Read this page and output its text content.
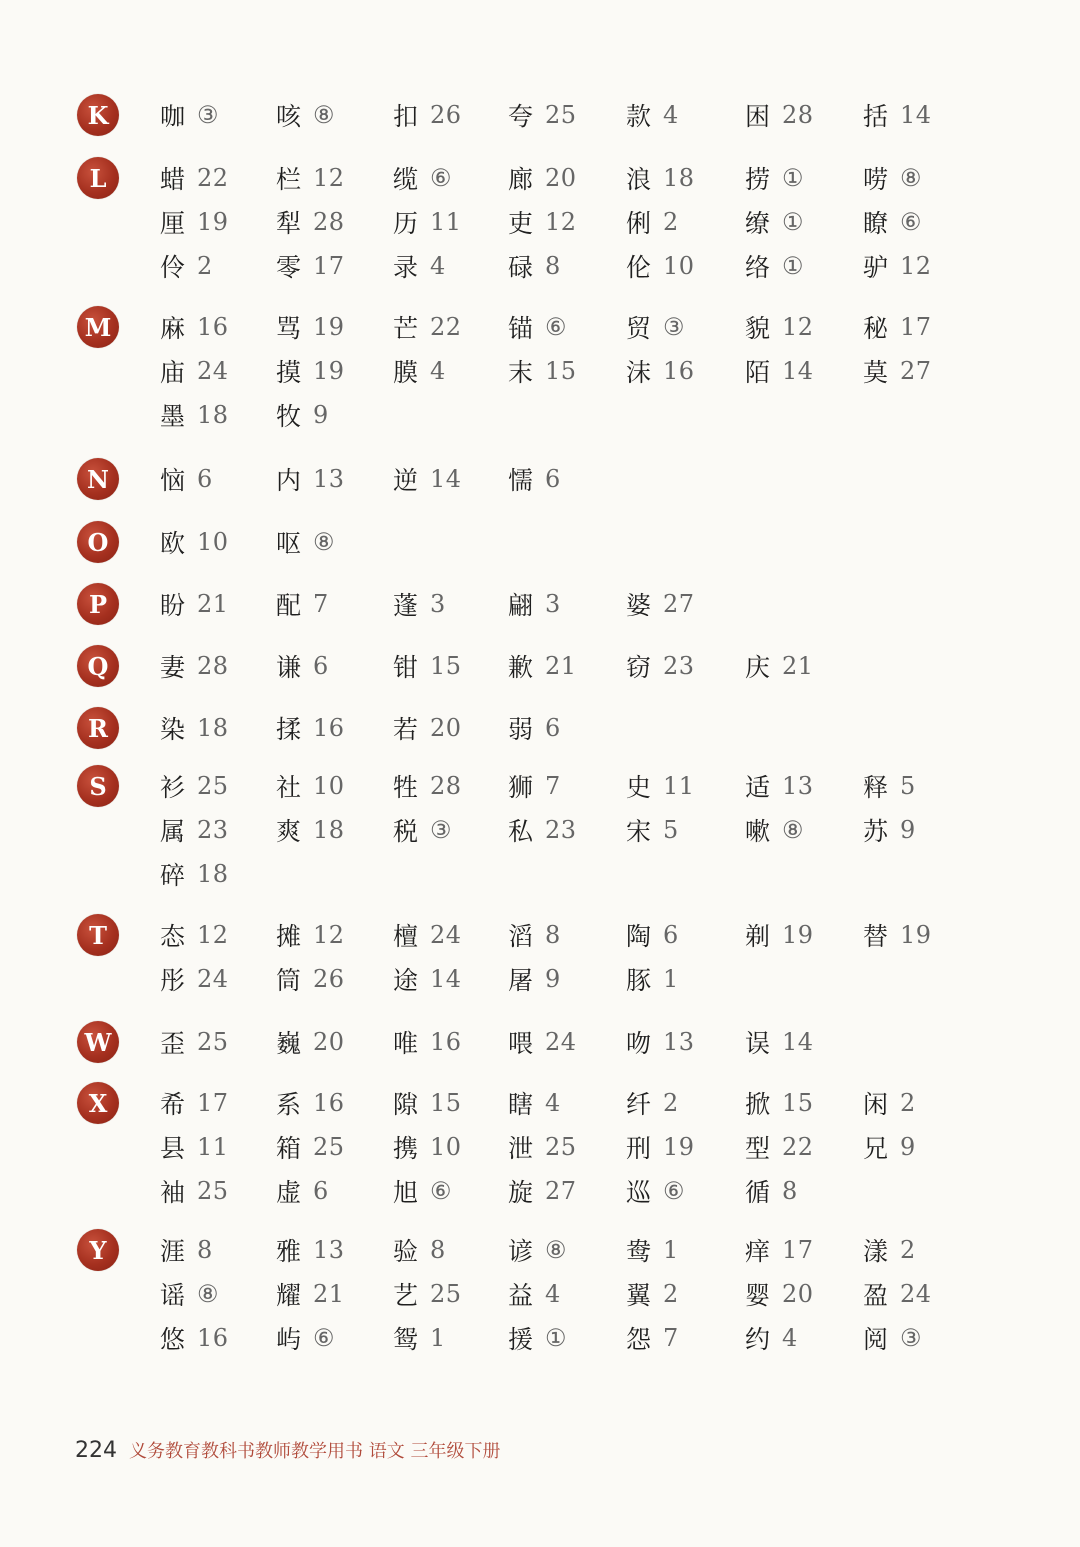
K	咖 ③ 咳 ⑧ 扣 26 夸 25 款 4	困 28 括 14
L	蜡 22 栏 12 缆 ⑥ 廊 20 浪 18 捞 ① 唠 ⑧
厘 19 犁 28 历 11 吏 12 俐 2	缭 ① 瞭 ⑥
伶 2	零 17 录 4 碌 8	伦 10 络 ① 驴 12
M	麻 16 骂 19 芒 22 锚 ⑥ 贸 ③ 貌 12 秘 17
庙 24 摸 19 膜 4 末 15 沫 16 陌 14 莫 27
墨 18 牧 9
N	恼 6	内 13 逆 14 懦 6
O	欧 10 呕 ⑧
P	盼 21 配 7	蓬 3 翩 3	婆 27
Q	妻 28 谦 6	钳 15 歉 21 窃 23 庆 21
R	染 18 揉 16 若 20 弱 6
S	衫 25 社 10 牲 28 狮 7	史 11 适 13 释 5
属 23 爽 18 税 ③ 私 23 宋 5	嗽 ⑧ 苏 9
碎 18
T	态 12 摊 12 檀 24 滔 8	陶 6	剃 19 替 19
彤 24 筒 26 途 14 屠 9	豚 1
W	歪 25 巍 20 唯 16 喂 24 吻 13 误 14
X	希 17 系 16 隙 15 瞎 4	纤 2	掀 15 闲 2
县 11 箱 25 携 10 泄 25 刑 19 型 22 兄 9
袖 25 虚 6	旭 ⑥ 旋 27 巡 ⑥ 循 8
Y	涯 8	雅 13 验 8 谚 ⑧ 鸯 1	痒 17 漾 2
谣 ⑧ 耀 21 艺 25 益 4	翼 2	婴 20 盈 24
悠 16 屿 ⑥ 鸳 1 援 ① 怨 7	约 4	阅 ③
224 义务教育教科书教师教学用书 语文 三年级下册
